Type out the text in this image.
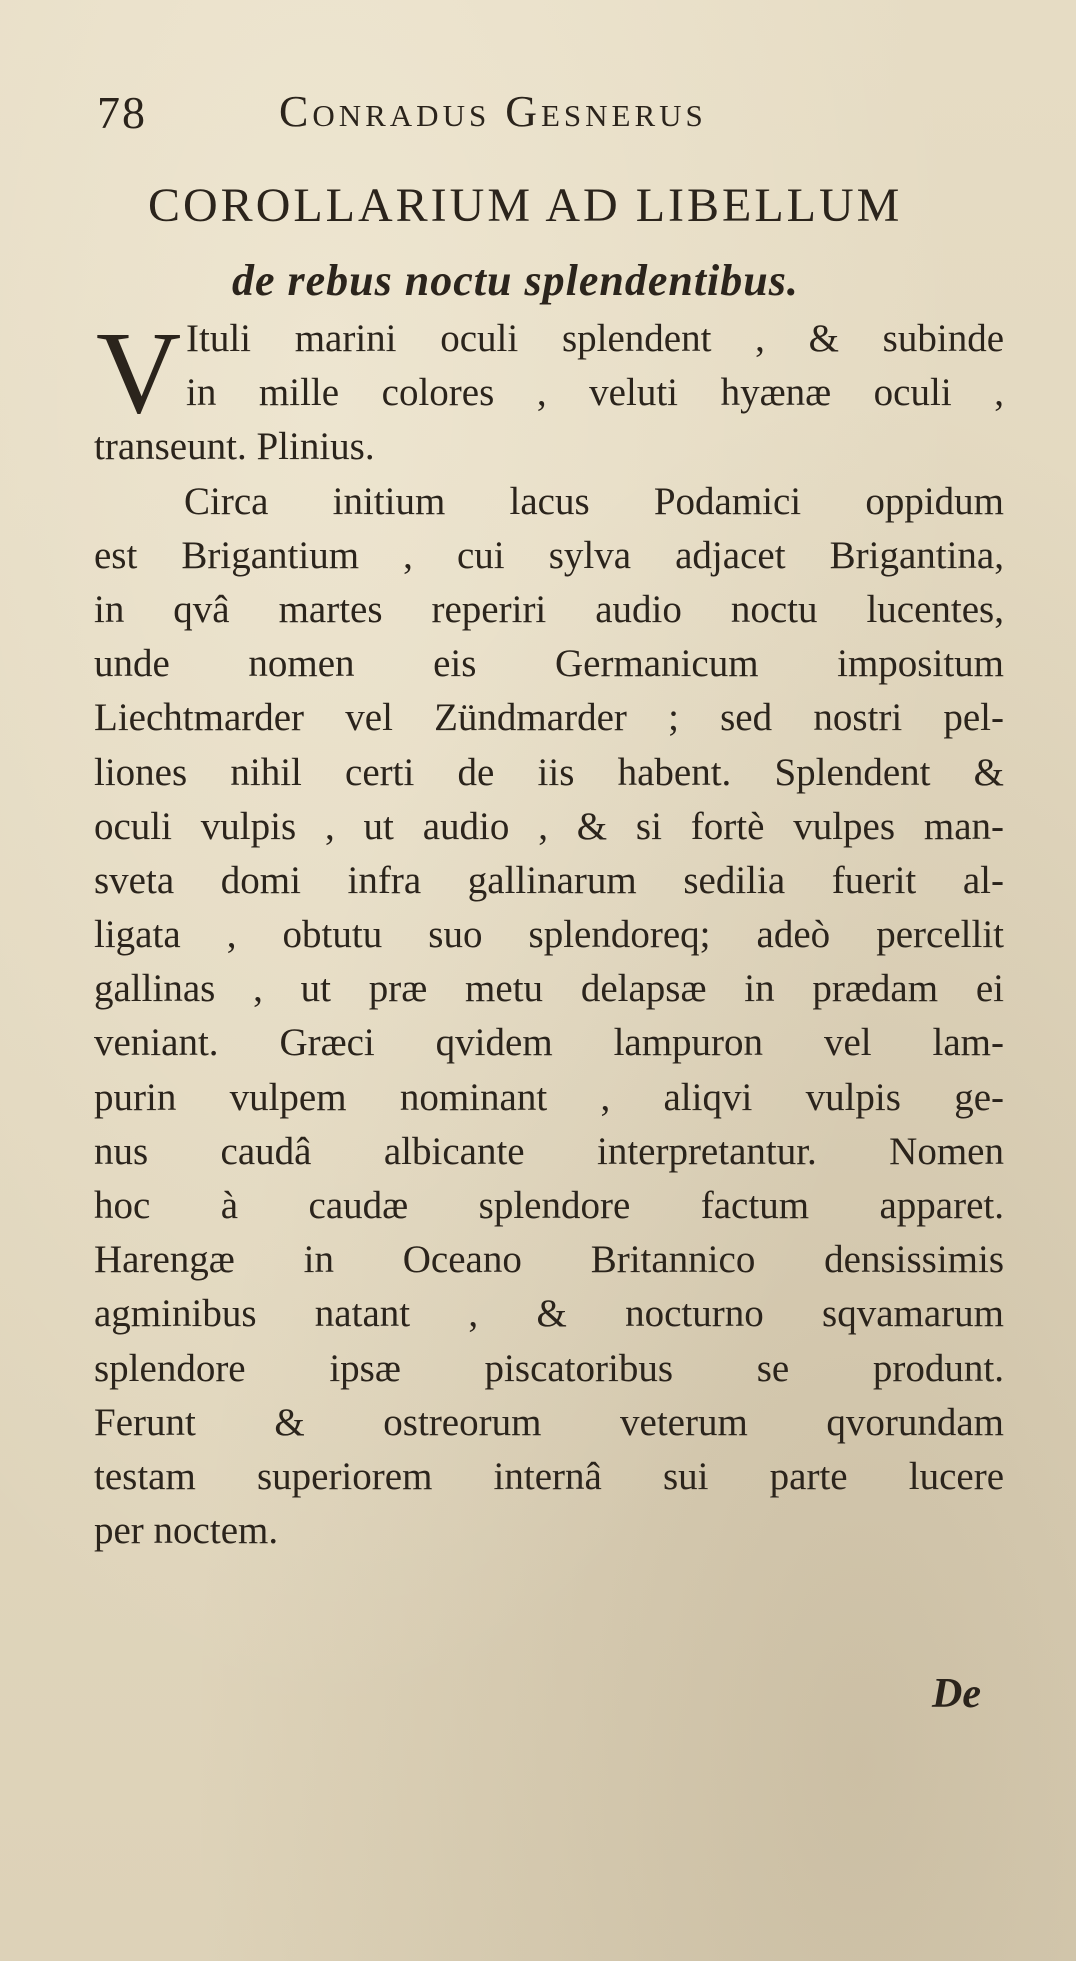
78	Conradus Gesnerus
COROLLARIUM AD LIBELLUM
de rebus noctu splendentibus.
V Ituli marini oculi splendent , & subinde
in mille colores , veluti hyænæ oculi ,
transeunt. Plinius.
Circa initium lacus Podamici oppidum
est Brigantium , cui sylva adjacet Brigantina,
in qvâ martes reperiri audio noctu lucentes,
unde nomen eis Germanicum impositum
Liechtmarder vel Zündmarder ; sed nostri pel-
liones nihil certi de iis habent. Splendent &
oculi vulpis , ut audio , & si fortè vulpes man-
sveta domi infra gallinarum sedilia fuerit al-
ligata , obtutu suo splendoreq; adeò percellit
gallinas , ut præ metu delapsæ in prædam ei
veniant. Græci qvidem lampuron vel lam-
purin vulpem nominant , aliqvi vulpis ge-
nus caudâ albicante interpretantur. Nomen
hoc à caudæ splendore factum apparet.
Harengæ in Oceano Britannico densissimis
agminibus natant , & nocturno sqvamarum
splendore ipsæ piscatoribus se produnt.
Ferunt & ostreorum veterum qvorundam
testam superiorem internâ sui parte lucere
per noctem.
De
